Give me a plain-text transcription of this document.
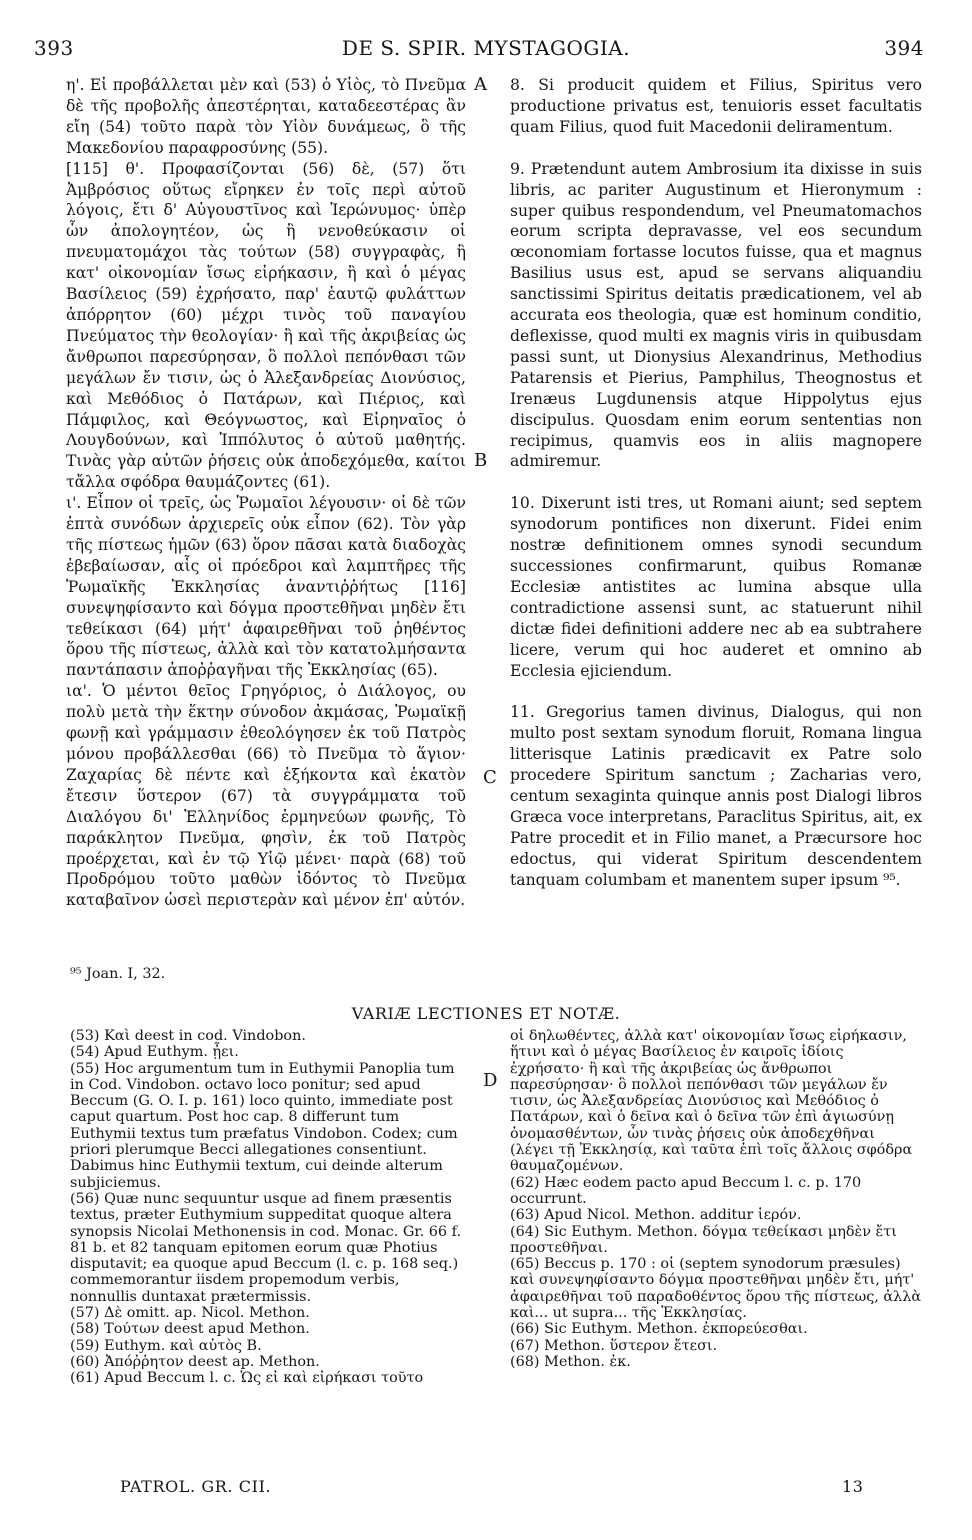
393	DE S. SPIR. MYSTAGOGIA.	394

η'. Εἰ προβάλλεται μὲν καὶ (53) ὁ Υἱὸς, τὸ Πνεῦμα δὲ τῆς προβολῆς ἀπεστέρηται, καταδεεστέρας ἂν εἴη (54) τοῦτο παρὰ τὸν Υἱὸν δυνάμεως, ὃ τῆς Μακεδονίου παραφροσύνης (55).

[115] θ'. Προφασίζονται (56) δὲ, (57) ὅτι Ἀμβρόσιος οὕτως εἴρηκεν ἐν τοῖς περὶ αὐτοῦ λόγοις, ἔτι δ' Αὐγουστῖνος καὶ Ἱερώνυμος· ὑπὲρ ὧν ἀπολογητέον, ὡς ἢ νενοθεύκασιν οἱ πνευματομάχοι τὰς τούτων (58) συγγραφὰς, ἢ κατ' οἰκονομίαν ἴσως εἰρήκασιν, ἢ καὶ ὁ μέγας Βασίλειος (59) ἐχρήσατο, παρ' ἑαυτῷ φυλάττων ἀπόρρητον (60) μέχρι τινὸς τοῦ παναγίου Πνεύματος τὴν θεολογίαν· ἢ καὶ τῆς ἀκριβείας ὡς ἄνθρωποι παρεσύρησαν, ὃ πολλοὶ πεπόνθασι τῶν μεγάλων ἔν τισιν, ὡς ὁ Ἀλεξανδρείας Διονύσιος, καὶ Μεθόδιος ὁ Πατάρων, καὶ Πιέριος, καὶ Πάμφιλος, καὶ Θεόγνωστος, καὶ Εἰρηναῖος ὁ Λουγδούνων, καὶ Ἱππόλυτος ὁ αὐτοῦ μαθητής. Τινὰς γὰρ αὐτῶν ῥήσεις οὐκ ἀποδεχόμεθα, καίτοι τἄλλα σφόδρα θαυμάζοντες (61).

ι'. Εἶπον οἱ τρεῖς, ὡς Ῥωμαῖοι λέγουσιν· οἱ δὲ τῶν ἑπτὰ συνόδων ἀρχιερεῖς οὐκ εἶπον (62). Τὸν γὰρ τῆς πίστεως ἡμῶν (63) ὅρον πᾶσαι κατὰ διαδοχὰς ἐβεβαίωσαν, αἷς οἱ πρόεδροι καὶ λαμπτῆρες τῆς Ῥωμαϊκῆς Ἐκκλησίας ἀναντιῤῥήτως [116] συνεψηφίσαντο καὶ δόγμα προστεθῆναι μηδὲν ἔτι τεθείκασι (64) μήτ' ἀφαιρεθῆναι τοῦ ῥηθέντος ὅρου τῆς πίστεως, ἀλλὰ καὶ τὸν κατατολμήσαντα παντάπασιν ἀποῤῥαγῆναι τῆς Ἐκκλησίας (65).

ια'. Ὁ μέντοι θεῖος Γρηγόριος, ὁ Διάλογος, ου πολὺ μετὰ τὴν ἕκτην σύνοδον ἀκμάσας, Ῥωμαϊκῇ φωνῇ καὶ γράμμασιν ἐθεολόγησεν ἐκ τοῦ Πατρὸς μόνου προβάλλεσθαι (66) τὸ Πνεῦμα τὸ ἅγιον· Ζαχαρίας δὲ πέντε καὶ ἑξήκοντα καὶ ἑκατὸν ἔτεσιν ὕστερον (67) τὰ συγγράμματα τοῦ Διαλόγου δι' Ἑλληνίδος ἑρμηνεύων φωνῆς, Τὸ παράκλητον Πνεῦμα, φησὶν, ἐκ τοῦ Πατρὸς προέρχεται, καὶ ἐν τῷ Υἱῷ μένει· παρὰ (68) τοῦ Προδρόμου τοῦτο μαθὼν ἰδόντος τὸ Πνεῦμα καταβαῖνον ὡσεὶ περιστερὰν καὶ μένον ἐπ' αὐτόν.

8. Si producit quidem et Filius, Spiritus vero productione privatus est, tenuioris esset facultatis quam Filius, quod fuit Macedonii deliramentum.

9. Prætendunt autem Ambrosium ita dixisse in suis libris, ac pariter Augustinum et Hieronymum : super quibus respondendum, vel Pneumatomachos eorum scripta depravasse, vel eos secundum œconomiam fortasse locutos fuisse, qua et magnus Basilius usus est, apud se servans aliquandiu sanctissimi Spiritus deitatis prædicationem, vel ab accurata eos theologia, quæ est hominum conditio, deflexisse, quod multi ex magnis viris in quibusdam passi sunt, ut Dionysius Alexandrinus, Methodius Patarensis et Pierius, Pamphilus, Theognostus et Irenæus Lugdunensis atque Hippolytus ejus discipulus. Quosdam enim eorum sententias non recipimus, quamvis eos in aliis magnopere admiremur.

10. Dixerunt isti tres, ut Romani aiunt; sed septem synodorum pontifices non dixerunt. Fidei enim nostræ definitionem omnes synodi secundum successiones confirmarunt, quibus Romanæ Ecclesiæ antistites ac lumina absque ulla contradictione assensi sunt, ac statuerunt nihil dictæ fidei definitioni addere nec ab ea subtrahere licere, verum qui hoc auderet et omnino ab Ecclesia ejiciendum.

11. Gregorius tamen divinus, Dialogus, qui non multo post sextam synodum floruit, Romana lingua litterisque Latinis prædicavit ex Patre solo procedere Spiritum sanctum ; Zacharias vero, centum sexaginta quinque annis post Dialogi libros Græca voce interpretans, Paraclitus Spiritus, ait, ex Patre procedit et in Filio manet, a Præcursore hoc edoctus, qui viderat Spiritum descendentem tanquam columbam et manentem super ipsum ⁹⁵.

A
B
C
D
⁹⁵ Joan. I, 32.
VARIÆ LECTIONES ET NOTÆ.

(53) Καὶ deest in cod. Vindobon.

(54) Apud Euthym. ᾖει.

(55) Hoc argumentum tum in Euthymii Panoplia tum in Cod. Vindobon. octavo loco ponitur; sed apud Beccum (G. O. I. p. 161) loco quinto, immediate post caput quartum. Post hoc cap. 8 differunt tum Euthymii textus tum præfatus Vindobon. Codex; cum priori plerumque Becci allegationes consentiunt. Dabimus hinc Euthymii textum, cui deinde alterum subjiciemus.

(56) Quæ nunc sequuntur usque ad finem præsentis textus, præter Euthymium suppeditat quoque altera synopsis Nicolai Methonensis in cod. Monac. Gr. 66 f. 81 b. et 82 tanquam epitomen eorum quæ Photius disputavit; ea quoque apud Beccum (l. c. p. 168 seq.) commemorantur iisdem propemodum verbis, nonnullis duntaxat prætermissis.

(57) Δὲ omitt. ap. Nicol. Methon.

(58) Τούτων deest apud Methon.

(59) Euthym. καὶ αὐτὸς B.

(60) Ἀπόῤῥητον deest ap. Methon.

(61) Apud Beccum l. c. Ὡς εἰ καὶ εἰρήκασι τοῦτο

οἱ δηλωθέντες, ἀλλὰ κατ' οἰκονομίαν ἴσως εἰρήκασιν, ἥτινι καὶ ὁ μέγας Βασίλειος ἐν καιροῖς ἰδίοις ἐχρήσατο· ἢ καὶ τῆς ἀκριβείας ὡς ἄνθρωποι παρεσύρησαν· ὃ πολλοὶ πεπόνθασι τῶν μεγάλων ἔν τισιν, ὡς Ἀλεξανδρείας Διονύσιος καὶ Μεθόδιος ὁ Πατάρων, καὶ ὁ δεῖνα καὶ ὁ δεῖνα τῶν ἐπὶ ἁγιωσύνῃ ὀνομασθέντων, ὧν τινὰς ῥήσεις οὐκ ἀποδεχθῆναι (λέγει τῇ Ἐκκλησίᾳ, καὶ ταῦτα ἐπὶ τοῖς ἄλλοις σφόδρα θαυμαζομένων.

(62) Hæc eodem pacto apud Beccum l. c. p. 170 occurrunt.

(63) Apud Nicol. Methon. additur ἱερόν.

(64) Sic Euthym. Methon. δόγμα τεθείκασι μηδὲν ἔτι προστεθῆναι.

(65) Beccus p. 170 : οἱ (septem synodorum præsules) καὶ συνεψηφίσαντο δόγμα προστεθῆναι μηδὲν ἔτι, μήτ' ἀφαιρεθῆναι τοῦ παραδοθέντος ὅρου τῆς πίστεως, ἀλλὰ καὶ... ut supra... τῆς Ἐκκλησίας.

(66) Sic Euthym. Methon. ἐκπορεύεσθαι.

(67) Methon. ὕστερον ἔτεσι.

(68) Methon. ἐκ.

PATROL. GR. CII.	13
